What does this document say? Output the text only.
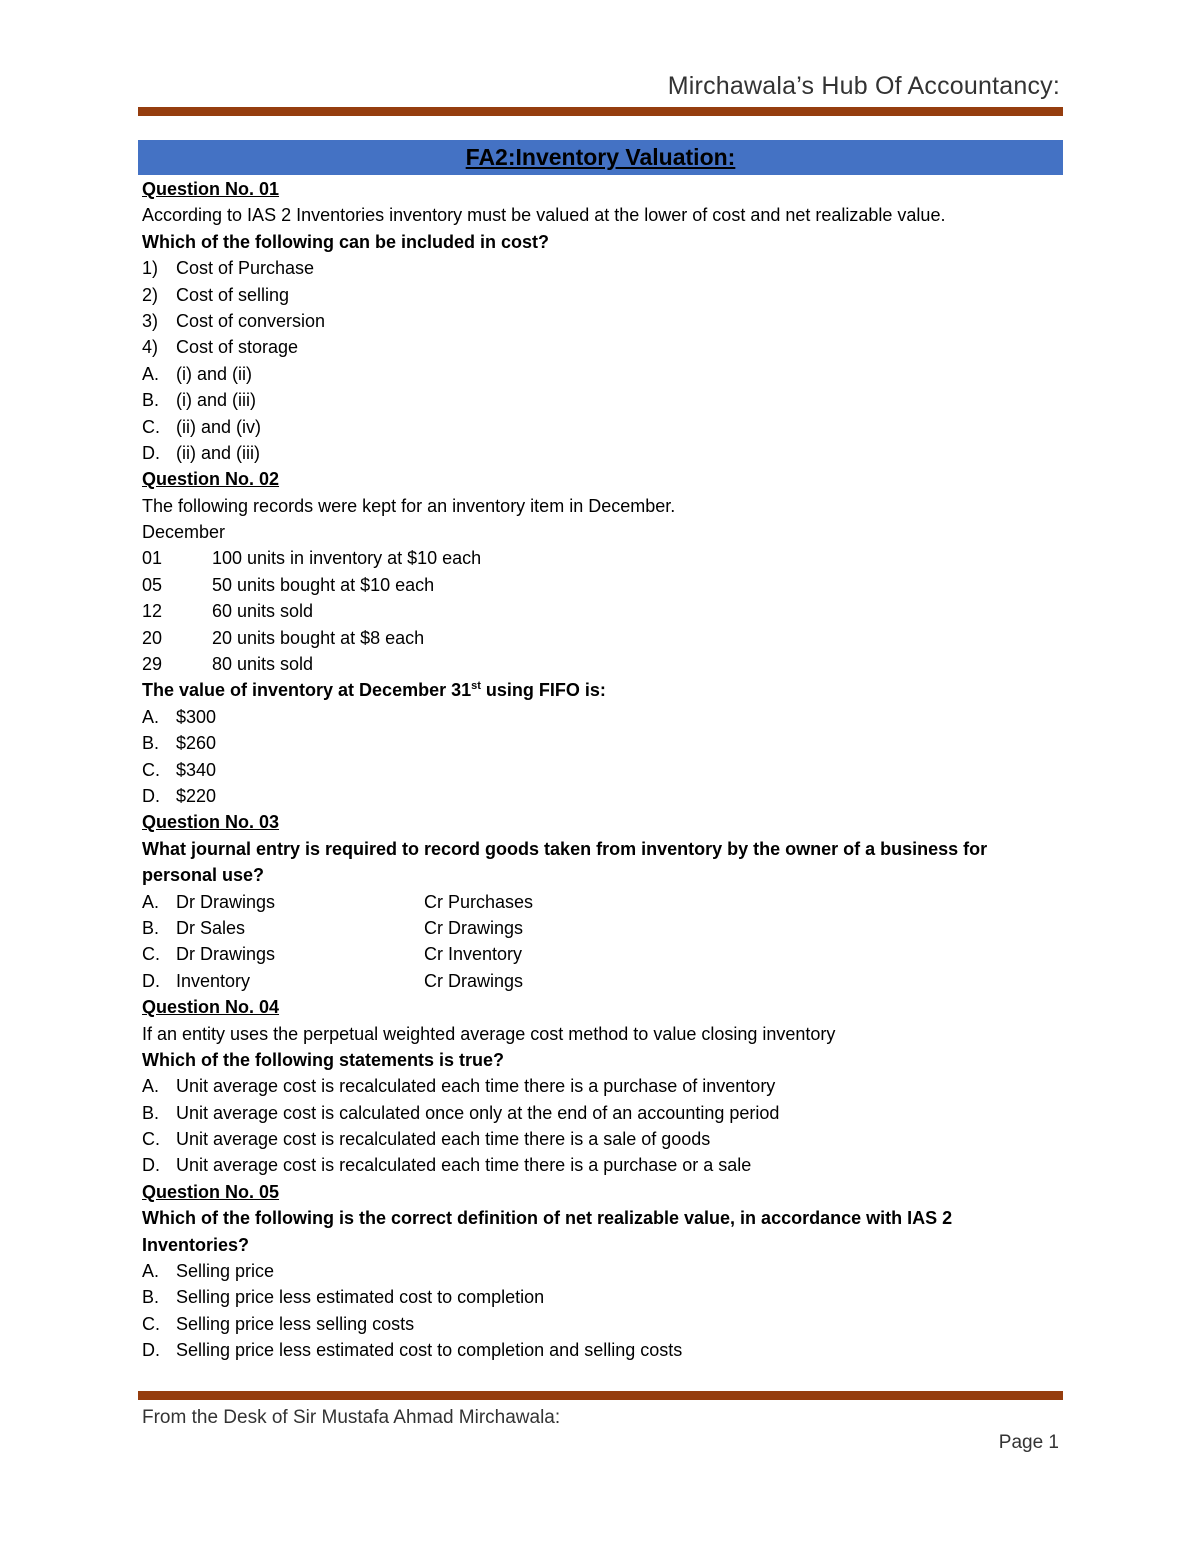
Mirchawala’s Hub Of Accountancy:
FA2:Inventory Valuation:
Question No. 01
According to IAS 2 Inventories inventory must be valued at the lower of cost and net realizable value.
Which of the following can be included in cost?
1) Cost of Purchase
2) Cost of selling
3) Cost of conversion
4) Cost of storage
A. (i) and (ii)
B. (i) and (iii)
C. (ii) and (iv)
D. (ii) and (iii)
Question No. 02
The following records were kept for an inventory item in December.
December
01	100 units in inventory at $10 each
05	50 units bought at $10 each
12	60 units sold
20	20 units bought at $8 each
29	80 units sold
The value of inventory at December 31st using FIFO is:
A. $300
B. $260
C. $340
D. $220
Question No. 03
What journal entry is required to record goods taken from inventory by the owner of a business for
personal use?
A. Dr Drawings	Cr Purchases
B. Dr Sales	Cr Drawings
C. Dr Drawings	Cr Inventory
D. Inventory	Cr Drawings
Question No. 04
If an entity uses the perpetual weighted average cost method to value closing inventory
Which of the following statements is true?
A. Unit average cost is recalculated each time there is a purchase of inventory
B. Unit average cost is calculated once only at the end of an accounting period
C. Unit average cost is recalculated each time there is a sale of goods
D. Unit average cost is recalculated each time there is a purchase or a sale
Question No. 05
Which of the following is the correct definition of net realizable value, in accordance with IAS 2
Inventories?
A. Selling price
B. Selling price less estimated cost to completion
C. Selling price less selling costs
D. Selling price less estimated cost to completion and selling costs
From the Desk of Sir Mustafa Ahmad Mirchawala:
Page 1
